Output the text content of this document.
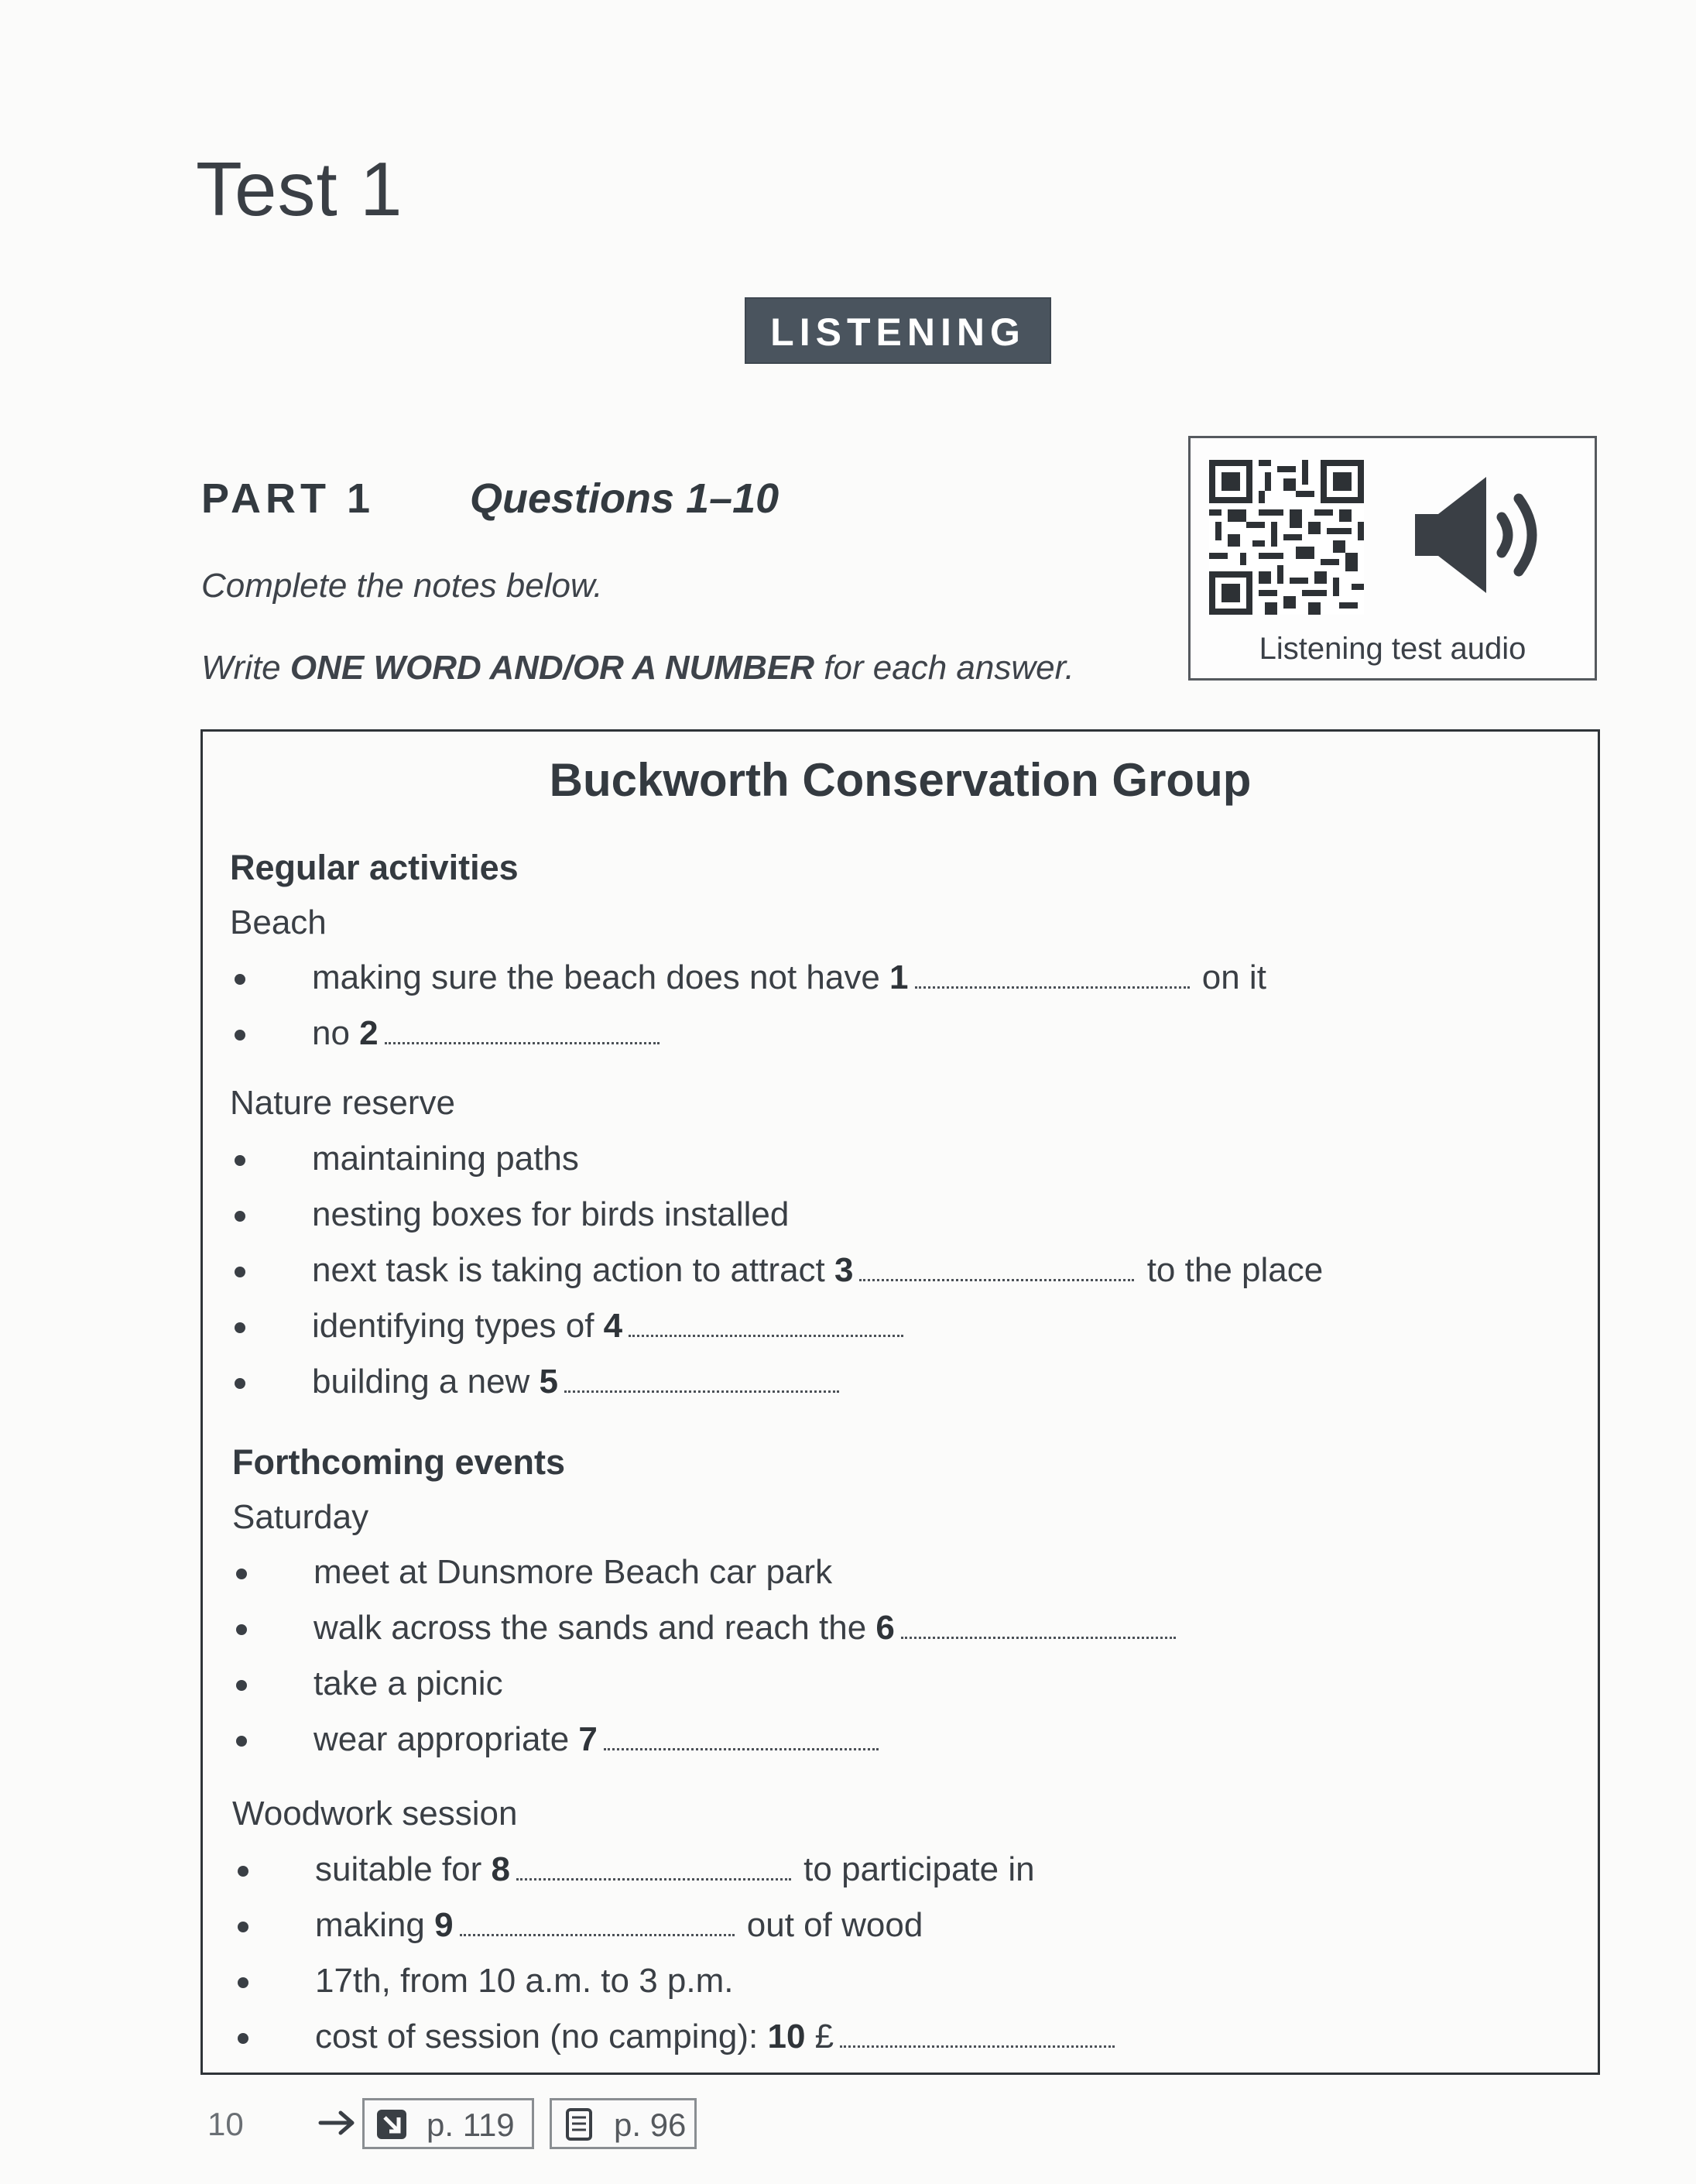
Test 1
LISTENING
PART 1 Questions 1–10
Complete the notes below.
Write ONE WORD AND/OR A NUMBER for each answer.	Listening test audio
Buckworth Conservation Group
Regular activities
Beach
making sure the beach does not have 1	on it
no 2
Nature reserve
maintaining paths
nesting boxes for birds installed
next task is taking action to attract 3	to the place
identifying types of 4
building a new 5
Forthcoming events
Saturday
meet at Dunsmore Beach car park
walk across the sands and reach the 6
take a picnic
wear appropriate 7
Woodwork session
suitable for 8	to participate in
making 9	out of wood
17th, from 10 a.m. to 3 p.m.
cost of session (no camping): 10 £
10	p. 119	p. 96
